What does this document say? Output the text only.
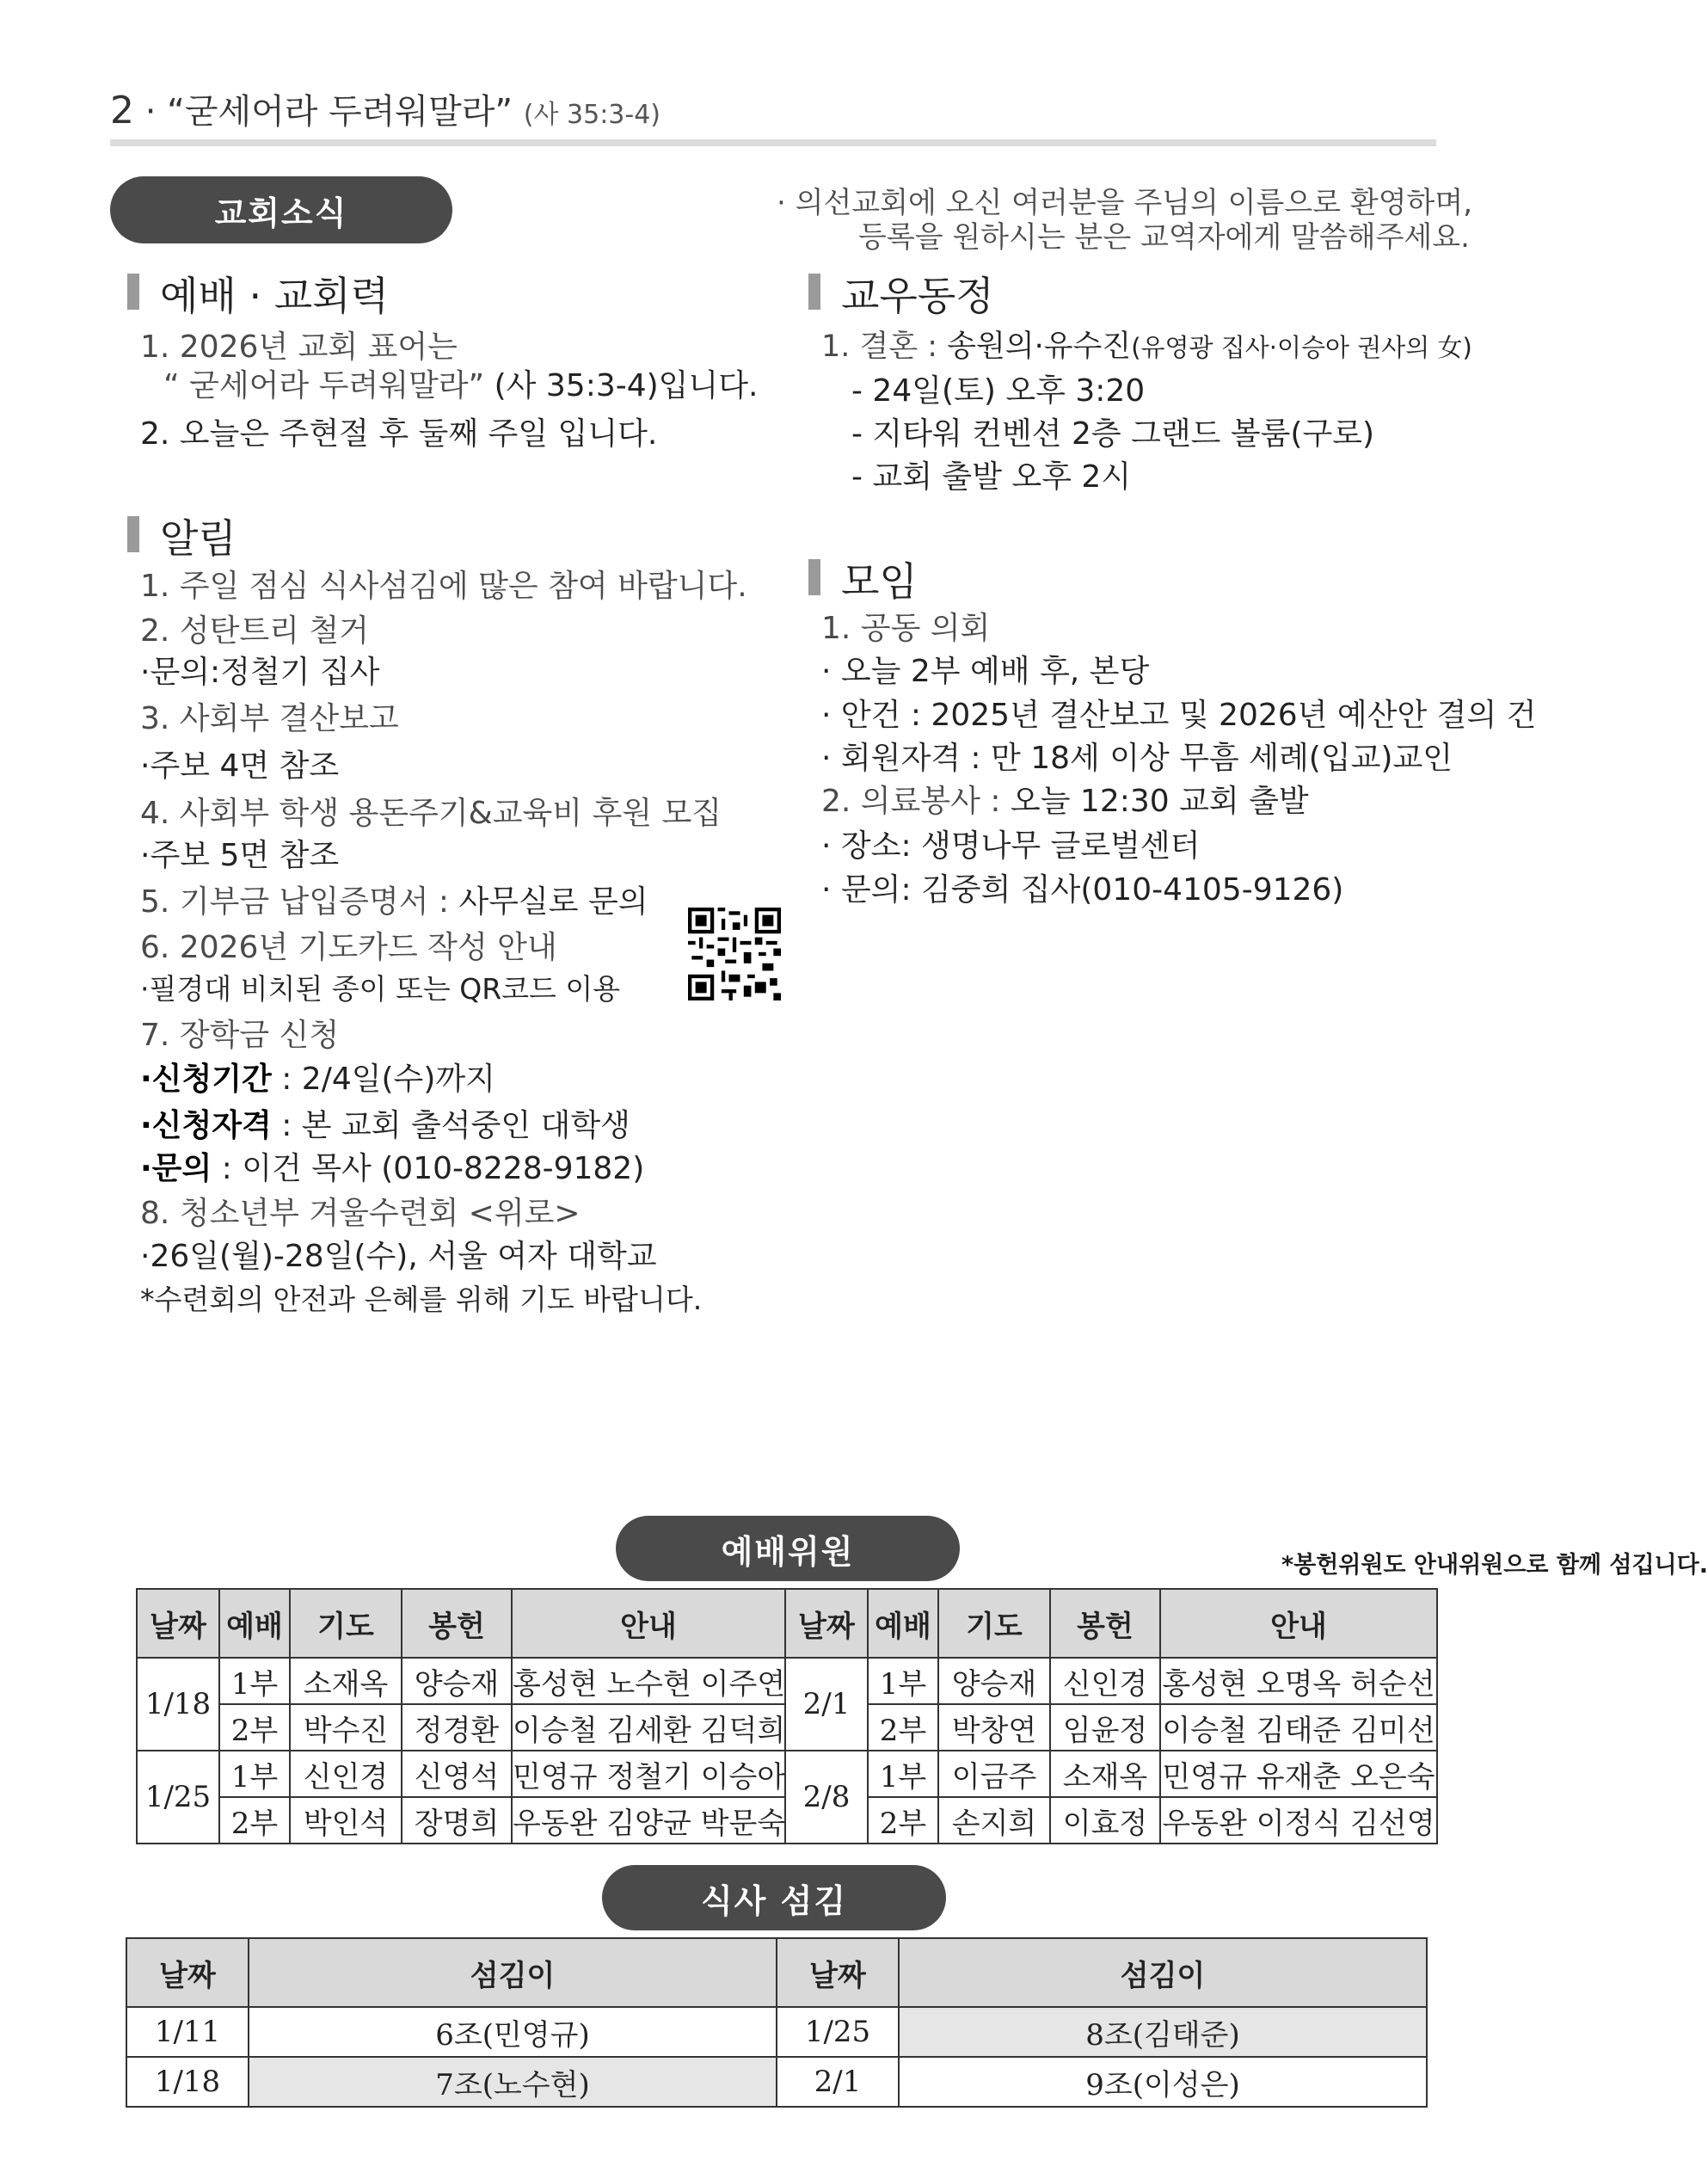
2 · “굳세어라 두려워말라” (사 35:3-4)
교회소식	· 의선교회에 오신 여러분을 주님의 이름으로 환영하며,
등록을 원하시는 분은 교역자에게 말씀해주세요.
예배 · 교회력
1. 2026년 교회 표어는
“ 굳세어라 두려워말라” (사 35:3-4)입니다.
2. 오늘은 주현절 후 둘째 주일 입니다.
알림
1. 주일 점심 식사섬김에 많은 참여 바랍니다.
2. 성탄트리 철거
·문의:정철기 집사
3. 사회부 결산보고
·주보 4면 참조
4. 사회부 학생 용돈주기&교육비 후원 모집
·주보 5면 참조
5. 기부금 납입증명서 : 사무실로 문의
6. 2026년 기도카드 작성 안내
·필경대 비치된 종이 또는 QR코드 이용
7. 장학금 신청
·신청기간 : 2/4일(수)까지
·신청자격 : 본 교회 출석중인 대학생
·문의 : 이건 목사 (010-8228-9182)
8. 청소년부 겨울수련회 <위로>
·26일(월)-28일(수), 서울 여자 대학교
*수련회의 안전과 은혜를 위해 기도 바랍니다.
교우동정
1. 결혼 : 송원의·유수진(유영광 집사·이승아 권사의 女)
- 24일(토) 오후 3:20
- 지타워 컨벤션 2층 그랜드 볼룸(구로)
- 교회 출발 오후 2시
모임
1. 공동 의회
· 오늘 2부 예배 후, 본당
· 안건 : 2025년 결산보고 및 2026년 예산안 결의 건
· 회원자격 : 만 18세 이상 무흠 세례(입교)교인
2. 의료봉사 : 오늘 12:30 교회 출발
· 장소: 생명나무 글로벌센터
· 문의: 김중희 집사(010-4105-9126)
예배위원	*봉헌위원도 안내위원으로 함께 섬깁니다.
날짜	예배	기도	봉헌	안내	날짜	예배	기도	봉헌	안내
1/18	1부	소재옥	양승재	홍성현 노수현 이주연	2/1	1부	양승재	신인경	홍성현 오명옥 허순선
	2부	박수진	정경환	이승철 김세환 김덕희		2부	박창연	임윤정	이승철 김태준 김미선
1/25	1부	신인경	신영석	민영규 정철기 이승아	2/8	1부	이금주	소재옥	민영규 유재춘 오은숙
	2부	박인석	장명희	우동완 김양균 박문숙		2부	손지희	이효정	우동완 이정식 김선영
식사 섬김
날짜	섬김이	날짜	섬김이
1/11	6조(민영규)	1/25	8조(김태준)
1/18	7조(노수현)	2/1	9조(이성은)
